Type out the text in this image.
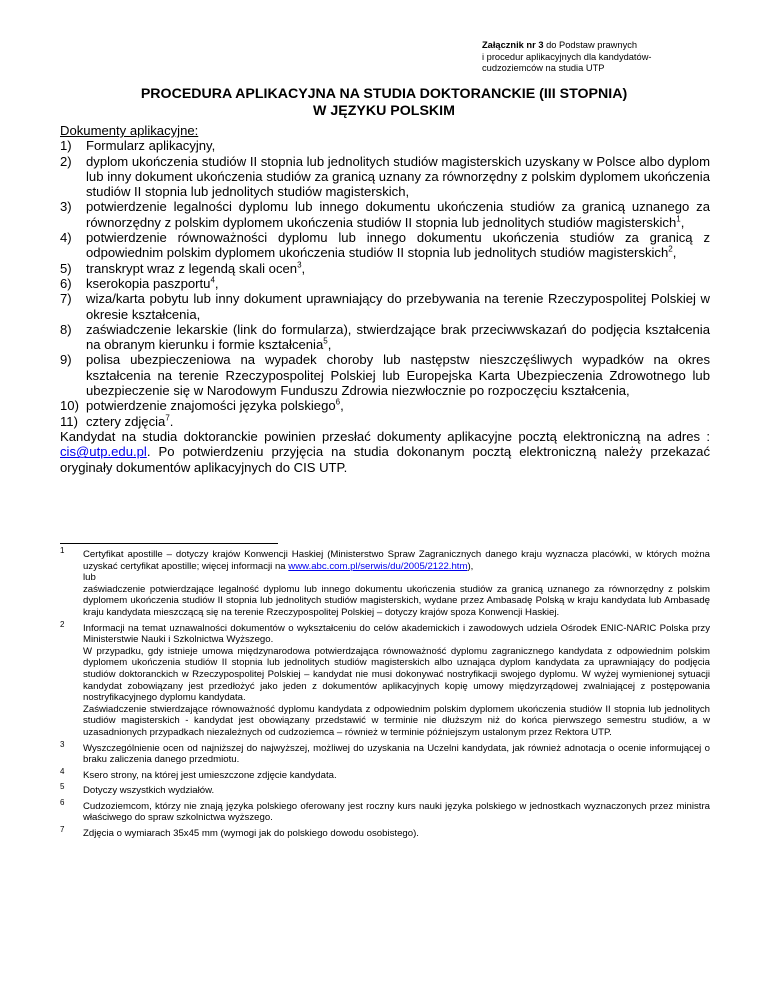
Załącznik nr 3 do Podstaw prawnych
i procedur aplikacyjnych dla kandydatów-
cudzoziemców na studia UTP
PROCEDURA APLIKACYJNA NA STUDIA DOKTORANCKIE (III STOPNIA)
W JĘZYKU POLSKIM
Dokumenty aplikacyjne:
1) Formularz aplikacyjny,
2) dyplom ukończenia studiów II stopnia lub jednolitych studiów magisterskich uzyskany w Polsce albo dyplom lub inny dokument ukończenia studiów za granicą uznany za równorzędny z polskim dyplomem ukończenia studiów II stopnia lub jednolitych studiów magisterskich,
3) potwierdzenie legalności dyplomu lub innego dokumentu ukończenia studiów za granicą uznanego za równorzędny z polskim dyplomem ukończenia studiów II stopnia lub jednolitych studiów magisterskich$^1$,
4) potwierdzenie równoważności dyplomu lub innego dokumentu ukończenia studiów za granicą z odpowiednim polskim dyplomem ukończenia studiów II stopnia lub jednolitych studiów magisterskich$^2$,
5) transkrypt wraz z legendą skali ocen$^3$,
6) kserokopia paszportu$^4$,
7) wiza/karta pobytu lub inny dokument uprawniający do przebywania na terenie Rzeczypospolitej Polskiej w okresie kształcenia,
8) zaświadczenie lekarskie (link do formularza), stwierdzające brak przeciwwskazań do podjęcia kształcenia na obranym kierunku i formie kształcenia$^5$,
9) polisa ubezpieczeniowa na wypadek choroby lub następstw nieszczęśliwych wypadków na okres kształcenia na terenie Rzeczypospolitej Polskiej lub Europejska Karta Ubezpieczenia Zdrowotnego lub ubezpieczenie się w Narodowym Funduszu Zdrowia niezwłocznie po rozpoczęciu kształcenia,
10) potwierdzenie znajomości języka polskiego$^6$,
11) cztery zdjęcia$^7$.
Kandydat na studia doktoranckie powinien przesłać dokumenty aplikacyjne pocztą elektroniczną na adres : cis@utp.edu.pl. Po potwierdzeniu przyjęcia na studia dokonanym pocztą elektroniczną należy przekazać oryginały dokumentów aplikacyjnych do CIS UTP.
1 Certyfikat apostille – dotyczy krajów Konwencji Haskiej (Ministerstwo Spraw Zagranicznych danego kraju wyznacza placówki, w których można uzyskać certyfikat apostille; więcej informacji na www.abc.com.pl/serwis/du/2005/2122.htm),

lub

zaświadczenie potwierdzające legalność dyplomu lub innego dokumentu ukończenia studiów za granicą uznanego za równorzędny z polskim dyplomem ukończenia studiów II stopnia lub jednolitych studiów magisterskich, wydane przez Ambasadę Polską w kraju kandydata lub Ambasadę kraju kandydata mieszczącą się na terenie Rzeczypospolitej Polskiej – dotyczy krajów spoza Konwencji Haskiej.

2 Informacji na temat uznawalności dokumentów o wykształceniu do celów akademickich i zawodowych udziela Ośrodek ENIC-NARIC Polska przy Ministerstwie Nauki i Szkolnictwa Wyższego.

W przypadku, gdy istnieje umowa międzynarodowa potwierdzająca równoważność dyplomu zagranicznego kandydata z odpowiednim polskim dyplomem ukończenia studiów II stopnia lub jednolitych studiów magisterskich albo uznająca dyplom kandydata za uprawniający do podjęcia studiów doktoranckich w Rzeczypospolitej Polskiej – kandydat nie musi dokonywać nostryfikacji swojego dyplomu. W wyżej wymienionej sytuacji kandydat zobowiązany jest przedłożyć jako jeden z dokumentów aplikacyjnych kopię umowy międzyrządowej zwalniającej z postępowania nostryfikacyjnego dyplomu kandydata.

Zaświadczenie stwierdzające równoważność dyplomu kandydata z odpowiednim polskim dyplomem ukończenia studiów II stopnia lub jednolitych studiów magisterskich - kandydat jest obowiązany przedstawić w terminie nie dłuższym niż do końca pierwszego semestru studiów, a w uzasadnionych przypadkach niezależnych od cudzoziemca – również w terminie późniejszym ustalonym przez Rektora UTP.

3 Wyszczególnienie ocen od najniższej do najwyższej, możliwej do uzyskania na Uczelni kandydata, jak również adnotacja o ocenie informującej o braku zaliczenia danego przedmiotu.

4 Ksero strony, na której jest umieszczone zdjęcie kandydata.

5 Dotyczy wszystkich wydziałów.

6 Cudzoziemcom, którzy nie znają języka polskiego oferowany jest roczny kurs nauki języka polskiego w jednostkach wyznaczonych przez ministra właściwego do spraw szkolnictwa wyższego.

7 Zdjęcia o wymiarach 35x45 mm (wymogi jak do polskiego dowodu osobistego).
